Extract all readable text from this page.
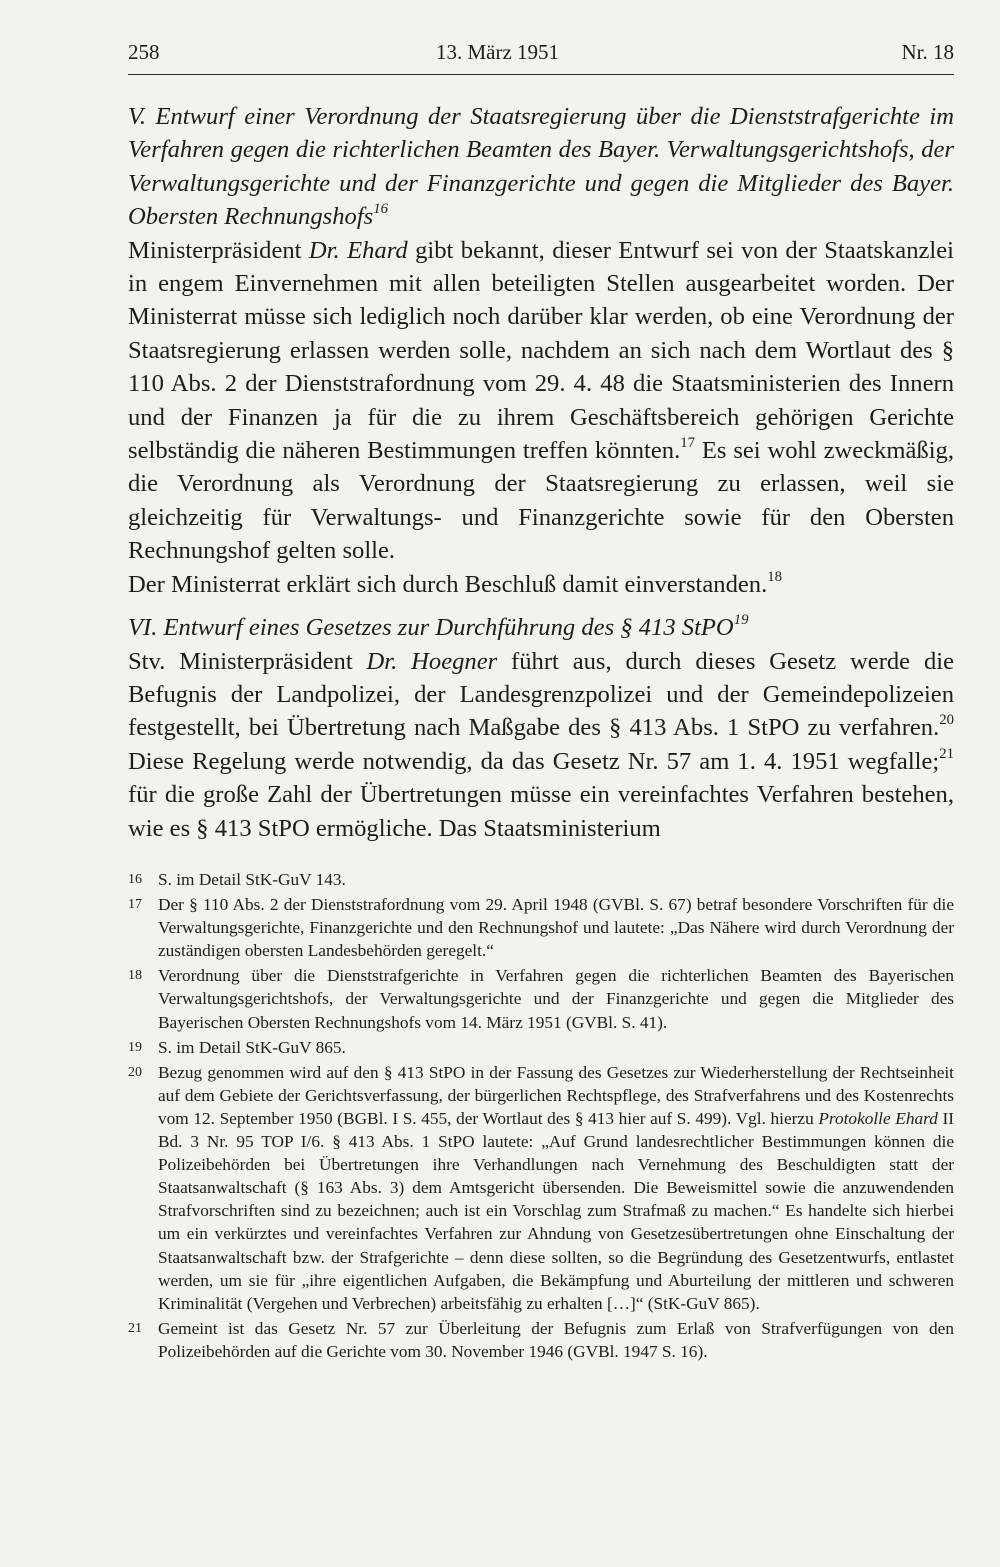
258	13. März 1951	Nr. 18

V. Entwurf einer Verordnung der Staatsregierung über die Dienststrafgerichte im Verfahren gegen die richterlichen Beamten des Bayer. Verwaltungsgerichtshofs, der Verwaltungsgerichte und der Finanzgerichte und gegen die Mitglieder des Bayer. Obersten Rechnungshofs$^{16}$

Ministerpräsident Dr. Ehard gibt bekannt, dieser Entwurf sei von der Staatskanzlei in engem Einvernehmen mit allen beteiligten Stellen ausgearbeitet worden. Der Ministerrat müsse sich lediglich noch darüber klar werden, ob eine Verordnung der Staatsregierung erlassen werden solle, nachdem an sich nach dem Wortlaut des § 110 Abs. 2 der Dienststrafordnung vom 29. 4. 48 die Staatsministerien des Innern und der Finanzen ja für die zu ihrem Geschäftsbereich gehörigen Gerichte selbständig die näheren Bestimmungen treffen könnten.$^{17}$ Es sei wohl zweckmäßig, die Verordnung als Verordnung der Staatsregierung zu erlassen, weil sie gleichzeitig für Verwaltungs- und Finanzgerichte sowie für den Obersten Rechnungshof gelten solle.

Der Ministerrat erklärt sich durch Beschluß damit einverstanden.$^{18}$

VI. Entwurf eines Gesetzes zur Durchführung des § 413 StPO$^{19}$

Stv. Ministerpräsident Dr. Hoegner führt aus, durch dieses Gesetz werde die Befugnis der Landpolizei, der Landesgrenzpolizei und der Gemeindepolizeien festgestellt, bei Übertretung nach Maßgabe des § 413 Abs. 1 StPO zu verfahren.$^{20}$ Diese Regelung werde notwendig, da das Gesetz Nr. 57 am 1. 4. 1951 wegfalle;$^{21}$ für die große Zahl der Übertretungen müsse ein vereinfachtes Verfahren bestehen, wie es § 413 StPO ermögliche. Das Staatsministerium

16 S. im Detail StK-GuV 143.
17 Der § 110 Abs. 2 der Dienststrafordnung vom 29. April 1948 (GVBl. S. 67) betraf besondere Vorschriften für die Verwaltungsgerichte, Finanzgerichte und den Rechnungshof und lautete: „Das Nähere wird durch Verordnung der zuständigen obersten Landesbehörden geregelt.“
18 Verordnung über die Dienststrafgerichte in Verfahren gegen die richterlichen Beamten des Bayerischen Verwaltungsgerichtshofs, der Verwaltungsgerichte und der Finanzgerichte und gegen die Mitglieder des Bayerischen Obersten Rechnungshofs vom 14. März 1951 (GVBl. S. 41).
19 S. im Detail StK-GuV 865.
20 Bezug genommen wird auf den § 413 StPO in der Fassung des Gesetzes zur Wiederherstellung der Rechtseinheit auf dem Gebiete der Gerichtsverfassung, der bürgerlichen Rechtspflege, des Strafverfahrens und des Kostenrechts vom 12. September 1950 (BGBl. I S. 455, der Wortlaut des § 413 hier auf S. 499). Vgl. hierzu Protokolle Ehard II Bd. 3 Nr. 95 TOP I/6. § 413 Abs. 1 StPO lautete: „Auf Grund landesrechtlicher Bestimmungen können die Polizeibehörden bei Übertretungen ihre Verhandlungen nach Vernehmung des Beschuldigten statt der Staatsanwaltschaft (§ 163 Abs. 3) dem Amtsgericht übersenden. Die Beweismittel sowie die anzuwendenden Strafvorschriften sind zu bezeichnen; auch ist ein Vorschlag zum Strafmaß zu machen.“ Es handelte sich hierbei um ein verkürztes und vereinfachtes Verfahren zur Ahndung von Gesetzesübertretungen ohne Einschaltung der Staatsanwaltschaft bzw. der Strafgerichte – denn diese sollten, so die Begründung des Gesetzentwurfs, entlastet werden, um sie für „ihre eigentlichen Aufgaben, die Bekämpfung und Aburteilung der mittleren und schweren Kriminalität (Vergehen und Verbrechen) arbeitsfähig zu erhalten […]“ (StK-GuV 865).
21 Gemeint ist das Gesetz Nr. 57 zur Überleitung der Befugnis zum Erlaß von Strafverfügungen von den Polizeibehörden auf die Gerichte vom 30. November 1946 (GVBl. 1947 S. 16).
